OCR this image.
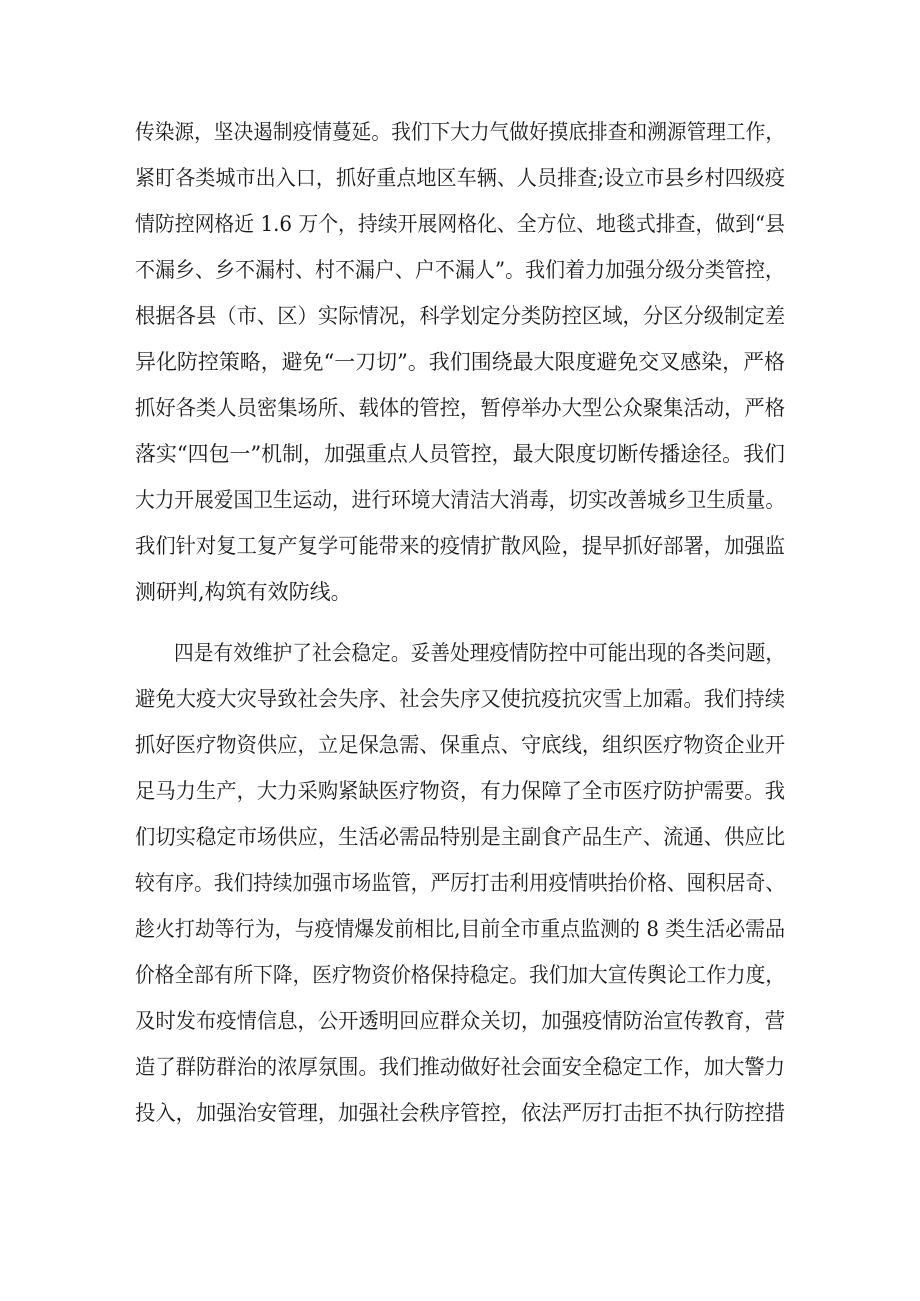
传染源，坚决遏制疫情蔓延。我们下大力气做好摸底排查和溯源管理工作，
紧盯各类城市出入口，抓好重点地区车辆、人员排查;设立市县乡村四级疫
情防控网格近 1.6 万个，持续开展网格化、全方位、地毯式排查，做到“县
不漏乡、乡不漏村、村不漏户、户不漏人”。我们着力加强分级分类管控，
根据各县（市、区）实际情况，科学划定分类防控区域，分区分级制定差
异化防控策略，避免“一刀切”。我们围绕最大限度避免交叉感染，严格
抓好各类人员密集场所、载体的管控，暂停举办大型公众聚集活动，严格
落实“四包一”机制，加强重点人员管控，最大限度切断传播途径。我们
大力开展爱国卫生运动，进行环境大清洁大消毒，切实改善城乡卫生质量。
我们针对复工复产复学可能带来的疫情扩散风险，提早抓好部署，加强监
测研判,构筑有效防线。
四是有效维护了社会稳定。妥善处理疫情防控中可能出现的各类问题，
避免大疫大灾导致社会失序、社会失序又使抗疫抗灾雪上加霜。我们持续
抓好医疗物资供应，立足保急需、保重点、守底线，组织医疗物资企业开
足马力生产，大力采购紧缺医疗物资，有力保障了全市医疗防护需要。我
们切实稳定市场供应，生活必需品特别是主副食产品生产、流通、供应比
较有序。我们持续加强市场监管，严厉打击利用疫情哄抬价格、囤积居奇、
趁火打劫等行为，与疫情爆发前相比,目前全市重点监测的 8 类生活必需品
价格全部有所下降，医疗物资价格保持稳定。我们加大宣传舆论工作力度，
及时发布疫情信息，公开透明回应群众关切，加强疫情防治宣传教育，营
造了群防群治的浓厚氛围。我们推动做好社会面安全稳定工作，加大警力
投入，加强治安管理，加强社会秩序管控，依法严厉打击拒不执行防控措
